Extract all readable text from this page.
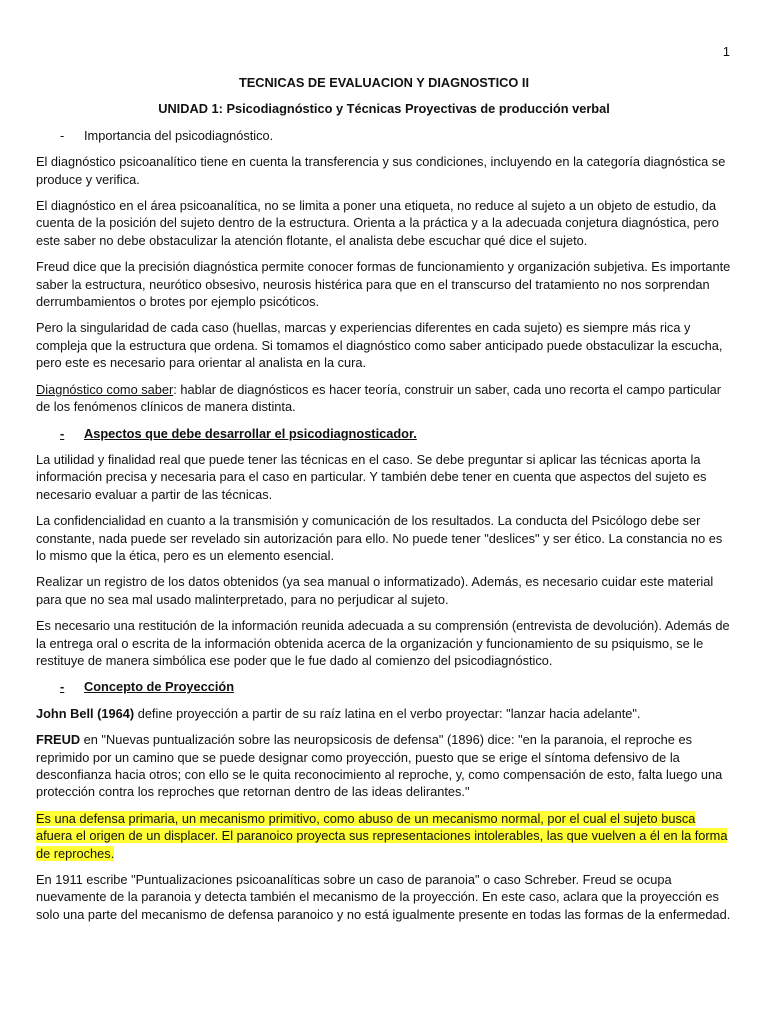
1
TECNICAS DE EVALUACION Y DIAGNOSTICO II
UNIDAD 1: Psicodiagnóstico y Técnicas Proyectivas de producción verbal
-	Importancia del psicodiagnóstico.

El diagnóstico psicoanalítico tiene en cuenta la transferencia y sus condiciones, incluyendo en la categoría diagnóstica se produce y verifica.

El diagnóstico en el área psicoanalítica, no se limita a poner una etiqueta, no reduce al sujeto a un objeto de estudio, da cuenta de la posición del sujeto dentro de la estructura. Orienta a la práctica y a la adecuada conjetura diagnóstica, pero este saber no debe obstaculizar la atención flotante, el analista debe escuchar qué dice el sujeto.

Freud dice que la precisión diagnóstica permite conocer formas de funcionamiento y organización subjetiva. Es importante saber la estructura, neurótico obsesivo, neurosis histérica para que en el transcurso del tratamiento no nos sorprendan derrumbamientos o brotes por ejemplo psicóticos.

Pero la singularidad de cada caso (huellas, marcas y experiencias diferentes en cada sujeto) es siempre más rica y compleja que la estructura que ordena. Si tomamos el diagnóstico como saber anticipado puede obstaculizar la escucha, pero este es necesario para orientar al analista en la cura.

Diagnóstico como saber: hablar de diagnósticos es hacer teoría, construir un saber, cada uno recorta el campo particular de los fenómenos clínicos de manera distinta.

-	Aspectos que debe desarrollar el psicodiagnosticador.

La utilidad y finalidad real que puede tener las técnicas en el caso. Se debe preguntar si aplicar las técnicas aporta la información precisa y necesaria para el caso en particular. Y también debe tener en cuenta que aspectos del sujeto es necesario evaluar a partir de las técnicas.

La confidencialidad en cuanto a la transmisión y comunicación de los resultados. La conducta del Psicólogo debe ser constante, nada puede ser revelado sin autorización para ello. No puede tener "deslices" y ser ético. La constancia no es lo mismo que la ética, pero es un elemento esencial.

Realizar un registro de los datos obtenidos (ya sea manual o informatizado). Además, es necesario cuidar este material para que no sea mal usado malinterpretado, para no perjudicar al sujeto.

Es necesario una restitución de la información reunida adecuada a su comprensión (entrevista de devolución). Además de la entrega oral o escrita de la información obtenida acerca de la organización y funcionamiento de su psiquismo, se le restituye de manera simbólica ese poder que le fue dado al comienzo del psicodiagnóstico.

-	Concepto de Proyección

John Bell (1964) define proyección a partir de su raíz latina en el verbo proyectar: "lanzar hacia adelante".

FREUD en "Nuevas puntualización sobre las neuropsicosis de defensa" (1896) dice: "en la paranoia, el reproche es reprimido por un camino que se puede designar como proyección, puesto que se erige el síntoma defensivo de la desconfianza hacia otros; con ello se le quita reconocimiento al reproche, y, como compensación de esto, falta luego una protección contra los reproches que retornan dentro de las ideas delirantes."

Es una defensa primaria, un mecanismo primitivo, como abuso de un mecanismo normal, por el cual el sujeto busca afuera el origen de un displacer. El paranoico proyecta sus representaciones intolerables, las que vuelven a él en la forma de reproches.

En 1911 escribe "Puntualizaciones psicoanalíticas sobre un caso de paranoia" o caso Schreber. Freud se ocupa nuevamente de la paranoia y detecta también el mecanismo de la proyección. En este caso, aclara que la proyección es solo una parte del mecanismo de defensa paranoico y no está igualmente presente en todas las formas de la enfermedad.
